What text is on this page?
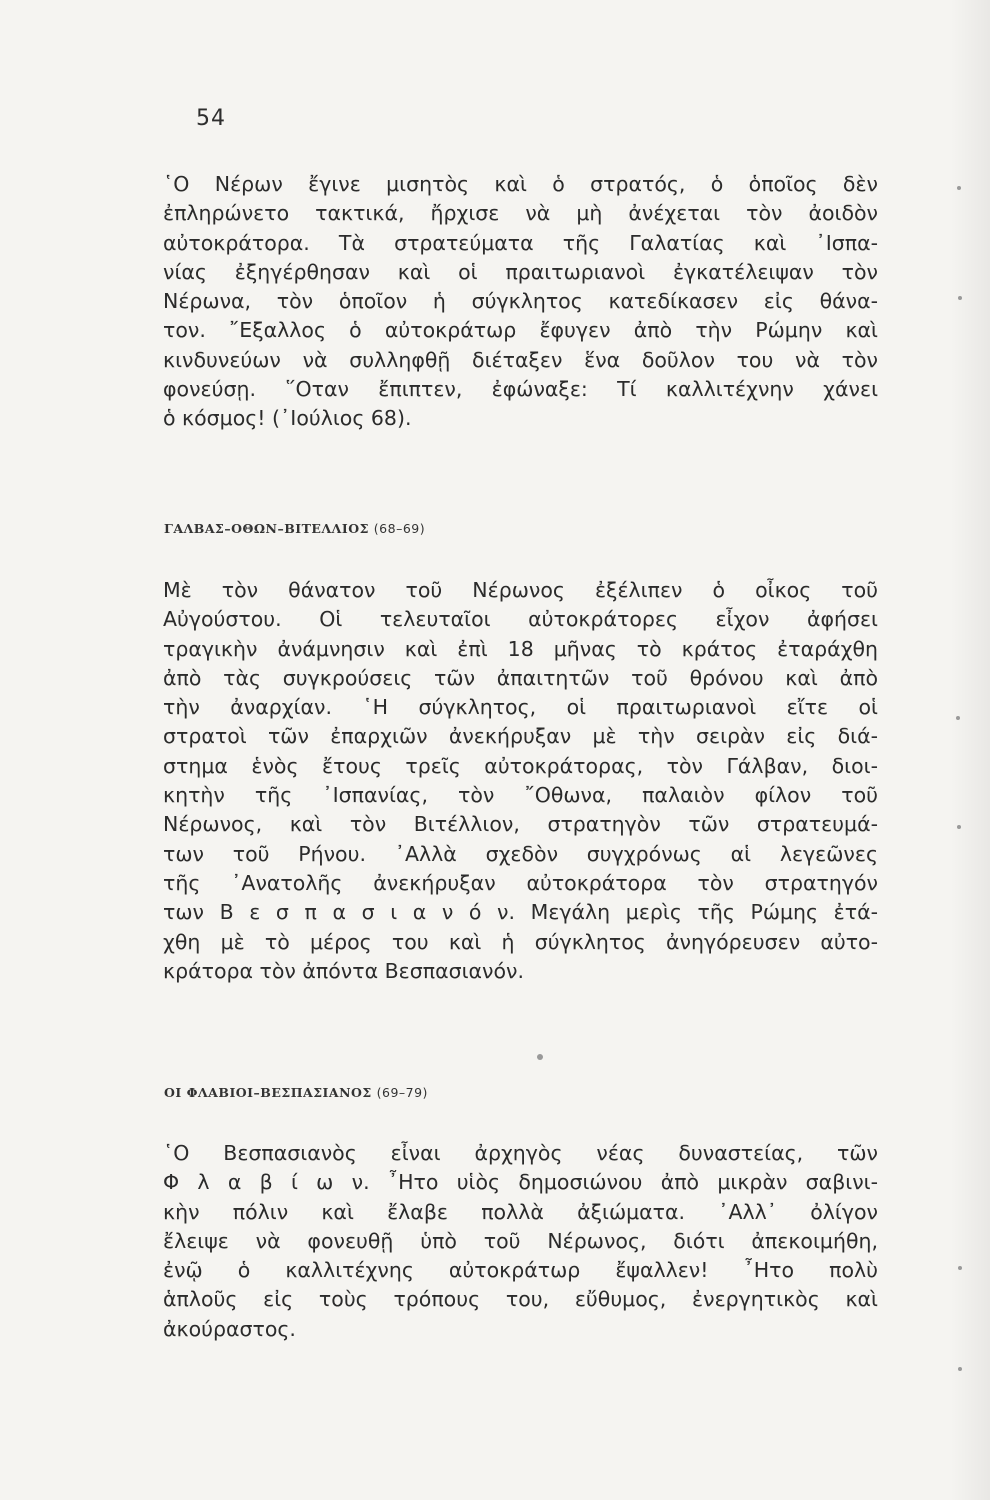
54
῾Ο Νέρων ἔγινε μισητὸς καὶ ὁ στρατός, ὁ ὁποῖος δὲν
ἐπληρώνετο τακτικά, ἤρχισε νὰ μὴ ἀνέχεται τὸν ἀοιδὸν
αὐτοκράτορα. Τὰ στρατεύματα τῆς Γαλατίας καὶ ᾿Ισπα-
νίας ἐξηγέρθησαν καὶ οἱ πραιτωριανοὶ ἐγκατέλειψαν τὸν
Νέρωνα, τὸν ὁποῖον ἡ σύγκλητος κατεδίκασεν εἰς θάνα-
τον. ῎Εξαλλος ὁ αὐτοκράτωρ ἔφυγεν ἀπὸ τὴν Ρώμην καὶ
κινδυνεύων νὰ συλληφθῇ διέταξεν ἕνα δοῦλον του νὰ τὸν
φονεύσῃ. ῞Οταν ἔπιπτεν, ἐφώναξε: Τί καλλιτέχνην χάνει
ὁ κόσμος! (᾿Ιούλιος 68).
ΓΑΛΒΑΣ–ΟΘΩΝ–ΒΙΤΕΛΛΙΟΣ (68–69)
Μὲ τὸν θάνατον τοῦ Νέρωνος ἐξέλιπεν ὁ οἶκος τοῦ
Αὐγούστου. Οἱ τελευταῖοι αὐτοκράτορες εἶχον ἀφήσει
τραγικὴν ἀνάμνησιν καὶ ἐπὶ 18 μῆνας τὸ κράτος ἐταράχθη
ἀπὸ τὰς συγκρούσεις τῶν ἀπαιτητῶν τοῦ θρόνου καὶ ἀπὸ
τὴν ἀναρχίαν. ῾Η σύγκλητος, οἱ πραιτωριανοὶ εἴτε οἱ
στρατοὶ τῶν ἐπαρχιῶν ἀνεκήρυξαν μὲ τὴν σειρὰν εἰς διά-
στημα ἑνὸς ἔτους τρεῖς αὐτοκράτορας, τὸν Γάλβαν, διοι-
κητὴν τῆς ᾿Ισπανίας, τὸν ῎Οθωνα, παλαιὸν φίλον τοῦ
Νέρωνος, καὶ τὸν Βιτέλλιον, στρατηγὸν τῶν στρατευμά-
των τοῦ Ρήνου. ᾿Αλλὰ σχεδὸν συγχρόνως αἱ λεγεῶνες
τῆς ᾿Ανατολῆς ἀνεκήρυξαν αὐτοκράτορα τὸν στρατηγόν
των Β ε σ π α σ ι α ν ό ν. Μεγάλη μερὶς τῆς Ρώμης ἐτά-
χθη μὲ τὸ μέρος του καὶ ἡ σύγκλητος ἀνηγόρευσεν αὐτο-
κράτορα τὸν ἀπόντα Βεσπασιανόν.
ΟΙ ΦΛΑΒΙΟΙ–ΒΕΣΠΑΣΙΑΝΟΣ (69–79)
῾Ο Βεσπασιανὸς εἶναι ἀρχηγὸς νέας δυναστείας, τῶν
Φ λ α β ί ω ν. ῏Ητο υἱὸς δημοσιώνου ἀπὸ μικρὰν σαβινι-
κὴν πόλιν καὶ ἔλαβε πολλὰ ἀξιώματα. ᾿Αλλ᾿ ὀλίγον
ἔλειψε νὰ φονευθῇ ὑπὸ τοῦ Νέρωνος, διότι ἀπεκοιμήθη,
ἐνῷ ὁ καλλιτέχνης αὐτοκράτωρ ἔψαλλεν! ῏Ητο πολὺ
ἁπλοῦς εἰς τοὺς τρόπους του, εὔθυμος, ἐνεργητικὸς καὶ
ἀκούραστος.
